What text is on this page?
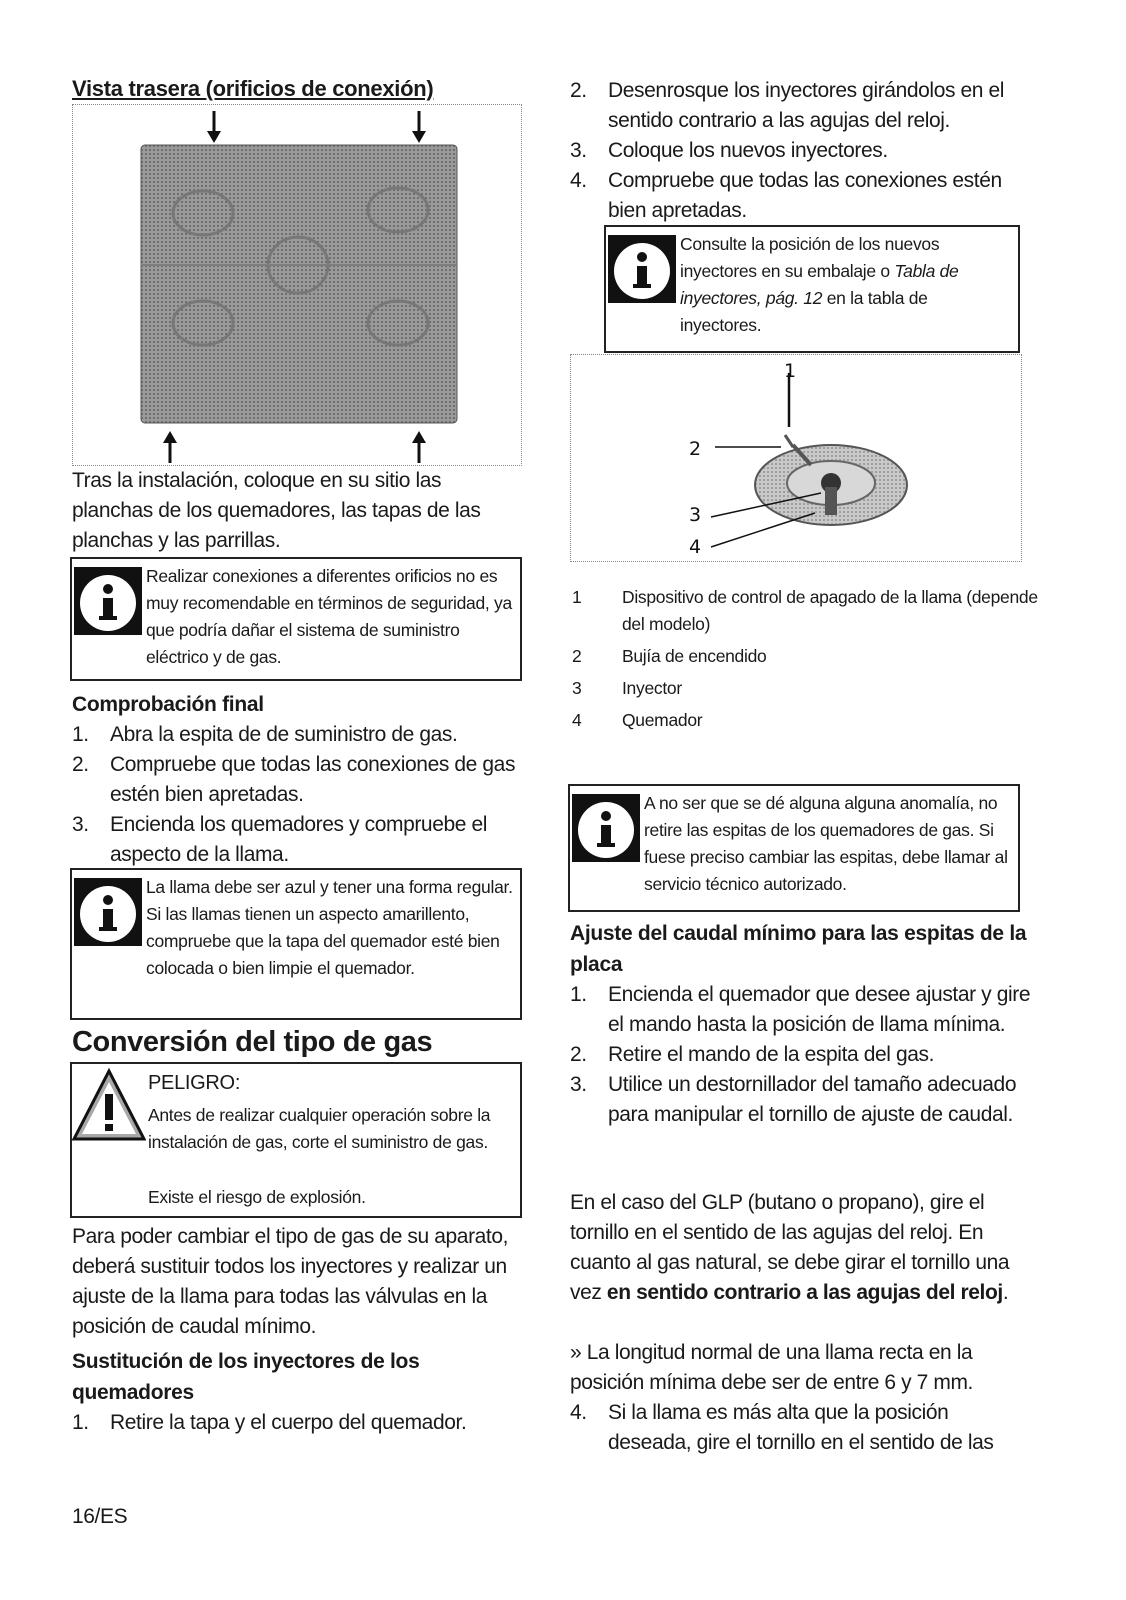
Vista trasera (orificios de conexión)
Tras la instalación, coloque en su sitio las planchas de los quemadores, las tapas de las planchas y las parrillas.
Realizar conexiones a diferentes orificios no es muy recomendable en términos de seguridad, ya que podría dañar el sistema de suministro eléctrico y de gas.
Comprobación final
1. Abra la espita de de suministro de gas.
2. Compruebe que todas las conexiones de gas estén bien apretadas.
3. Encienda los quemadores y compruebe el aspecto de la llama.
La llama debe ser azul y tener una forma regular. Si las llamas tienen un aspecto amarillento, compruebe que la tapa del quemador esté bien colocada o bien limpie el quemador.
Conversión del tipo de gas
PELIGRO:
Antes de realizar cualquier operación sobre la instalación de gas, corte el suministro de gas.
Existe el riesgo de explosión.
Para poder cambiar el tipo de gas de su aparato, deberá sustituir todos los inyectores y realizar un ajuste de la llama para todas las válvulas en la posición de caudal mínimo.
Sustitución de los inyectores de los quemadores
1. Retire la tapa y el cuerpo del quemador.
16/ES
2. Desenrosque los inyectores girándolos en el sentido contrario a las agujas del reloj.
3. Coloque los nuevos inyectores.
4. Compruebe que todas las conexiones estén bien apretadas.
Consulte la posición de los nuevos inyectores en su embalaje o Tabla de inyectores, pág. 12 en la tabla de inyectores.
1
2
3
4
1 Dispositivo de control de apagado de la llama (depende del modelo)
2 Bujía de encendido
3 Inyector
4 Quemador
A no ser que se dé alguna alguna anomalía, no retire las espitas de los quemadores de gas. Si fuese preciso cambiar las espitas, debe llamar al servicio técnico autorizado.
Ajuste del caudal mínimo para las espitas de la placa
1. Encienda el quemador que desee ajustar y gire el mando hasta la posición de llama mínima.
2. Retire el mando de la espita del gas.
3. Utilice un destornillador del tamaño adecuado para manipular el tornillo de ajuste de caudal.
En el caso del GLP (butano o propano), gire el tornillo en el sentido de las agujas del reloj. En cuanto al gas natural, se debe girar el tornillo una vez en sentido contrario a las agujas del reloj.
» La longitud normal de una llama recta en la posición mínima debe ser de entre 6 y 7 mm.
4. Si la llama es más alta que la posición deseada, gire el tornillo en el sentido de las
